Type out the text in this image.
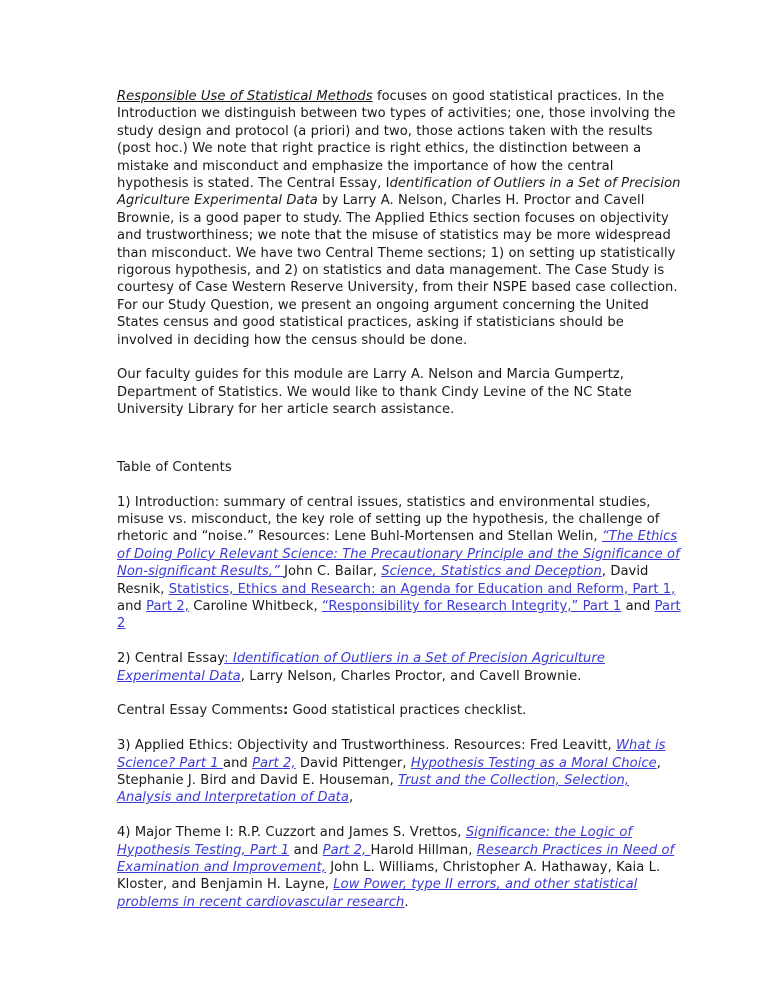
Responsible Use of Statistical Methods focuses on good statistical practices. In the Introduction we distinguish between two types of activities; one, those involving the study design and protocol (a priori) and two, those actions taken with the results (post hoc.) We note that right practice is right ethics, the distinction between a mistake and misconduct and emphasize the importance of how the central hypothesis is stated. The Central Essay, Identification of Outliers in a Set of Precision Agriculture Experimental Data by Larry A. Nelson, Charles H. Proctor and Cavell Brownie, is a good paper to study. The Applied Ethics section focuses on objectivity and trustworthiness; we note that the misuse of statistics may be more widespread than misconduct. We have two Central Theme sections; 1) on setting up statistically rigorous hypothesis, and 2) on statistics and data management. The Case Study is courtesy of Case Western Reserve University, from their NSPE based case collection. For our Study Question, we present an ongoing argument concerning the United States census and good statistical practices, asking if statisticians should be involved in deciding how the census should be done.

Our faculty guides for this module are Larry A. Nelson and Marcia Gumpertz, Department of Statistics. We would like to thank Cindy Levine of the NC State University Library for her article search assistance.

Table of Contents

1) Introduction: summary of central issues, statistics and environmental studies, misuse vs. misconduct, the key role of setting up the hypothesis, the challenge of rhetoric and “noise.” Resources: Lene Buhl-Mortensen and Stellan Welin, “The Ethics of Doing Policy Relevant Science: The Precautionary Principle and the Significance of Non-significant Results,” John C. Bailar, Science, Statistics and Deception, David Resnik, Statistics, Ethics and Research: an Agenda for Education and Reform, Part 1, and Part 2, Caroline Whitbeck, “Responsibility for Research Integrity,” Part 1 and Part 2

2) Central Essay: Identification of Outliers in a Set of Precision Agriculture Experimental Data, Larry Nelson, Charles Proctor, and Cavell Brownie.

Central Essay Comments: Good statistical practices checklist.

3) Applied Ethics: Objectivity and Trustworthiness. Resources: Fred Leavitt, What is Science? Part 1 and Part 2, David Pittenger, Hypothesis Testing as a Moral Choice, Stephanie J. Bird and David E. Houseman, Trust and the Collection, Selection, Analysis and Interpretation of Data,

4) Major Theme I: R.P. Cuzzort and James S. Vrettos, Significance: the Logic of Hypothesis Testing, Part 1 and Part 2, Harold Hillman, Research Practices in Need of Examination and Improvement, John L. Williams, Christopher A. Hathaway, Kaia L. Kloster, and Benjamin H. Layne, Low Power, type II errors, and other statistical problems in recent cardiovascular research.
